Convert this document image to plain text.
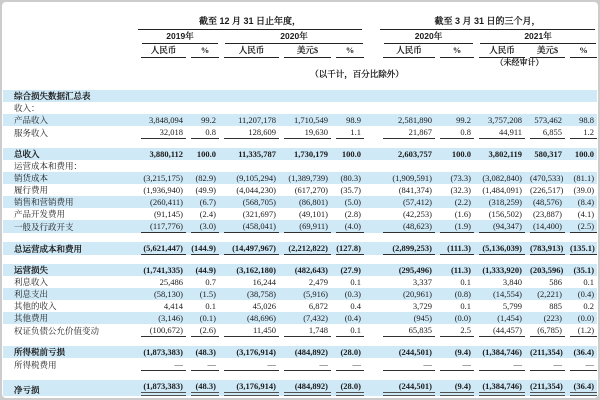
	截至 12 月 31 日止年度，						截至 3 月 31 日的三个月，				

	2019年		2020年				2020年		2021年		

	人民币	%	人民币	美元$	%		人民币	%	人民币	美元$	%

									（未经审计）		
				（以千计，百分比除外）							

综合损失数据汇总表	

收入：	

产品收入	3,848,094	99.2	11,207,178	1,710,549	98.9		2,581,890	99.2	3,757,208	573,462	98.8

服务收入	32,018	0.8	128,609	19,630	1.1		21,867	0.8	44,911	6,855	1.2

总收入	3,880,112	100.0	11,335,787	1,730,179	100.0		2,603,757	100.0	3,802,119	580,317	100.0

运营成本和费用：	

销货成本	(3,215,175)	(82.9)	(9,105,294)	(1,389,739)	(80.3)		(1,909,591)	(73.3)	(3,082,840)	(470,533)	(81.1)

履行费用	(1,936,940)	(49.9)	(4,044,230)	(617,270)	(35.7)		(841,374)	(32.3)	(1,484,091)	(226,517)	(39.0)

销售和营销费用	(260,411)	(6.7)	(568,705)	(86,801)	(5.0)		(57,412)	(2.2)	(318,259)	(48,576)	(8.4)

产品开发费用	(91,145)	(2.4)	(321,697)	(49,101)	(2.8)		(42,253)	(1.6)	(156,502)	(23,887)	(4.1)

一般及行政开支	(117,776)	(3.0)	(458,041)	(69,911)	(4.0)		(48,623)	(1.9)	(94,347)	(14,400)	(2.5)

总运营成本和费用	(5,621,447)	(144.9)	(14,497,967)	(2,212,822)	(127.8)		(2,899,253)	(111.3)	(5,136,039)	(783,913)	(135.1)

运营损失	(1,741,335)	(44.9)	(3,162,180)	(482,643)	(27.9)		(295,496)	(11.3)	(1,333,920)	(203,596)	(35.1)

利息收入	25,486	0.7	16,244	2,479	0.1		3,337	0.1	3,840	586	0.1

利息支出	(58,130)	(1.5)	(38,758)	(5,916)	(0.3)		(20,961)	(0.8)	(14,554)	(2,221)	(0.4)

其他的收入	4,414	0.1	45,026	6,872	0.4		3,729	0.1	5,799	885	0.2

其他费用	(3,146)	(0.1)	(48,696)	(7,432)	(0.4)		(945)	(0.0)	(1,454)	(223)	(0.0)

权证负债公允价值变动	(100,672)	(2.6)	11,450	1,748	0.1		65,835	2.5	(44,457)	(6,785)	(1.2)

所得税前亏损	(1,873,383)	(48.3)	(3,176,914)	(484,892)	(28.0)		(244,501)	(9.4)	(1,384,746)	(211,354)	(36.4)

所得税费用	—	—	—	—	—		—	—	—	—	—

净亏损	(1,873,383)	(48.3)	(3,176,914)	(484,892)	(28.0)		(244,501)	(9.4)	(1,384,746)	(211,354)	(36.4)
